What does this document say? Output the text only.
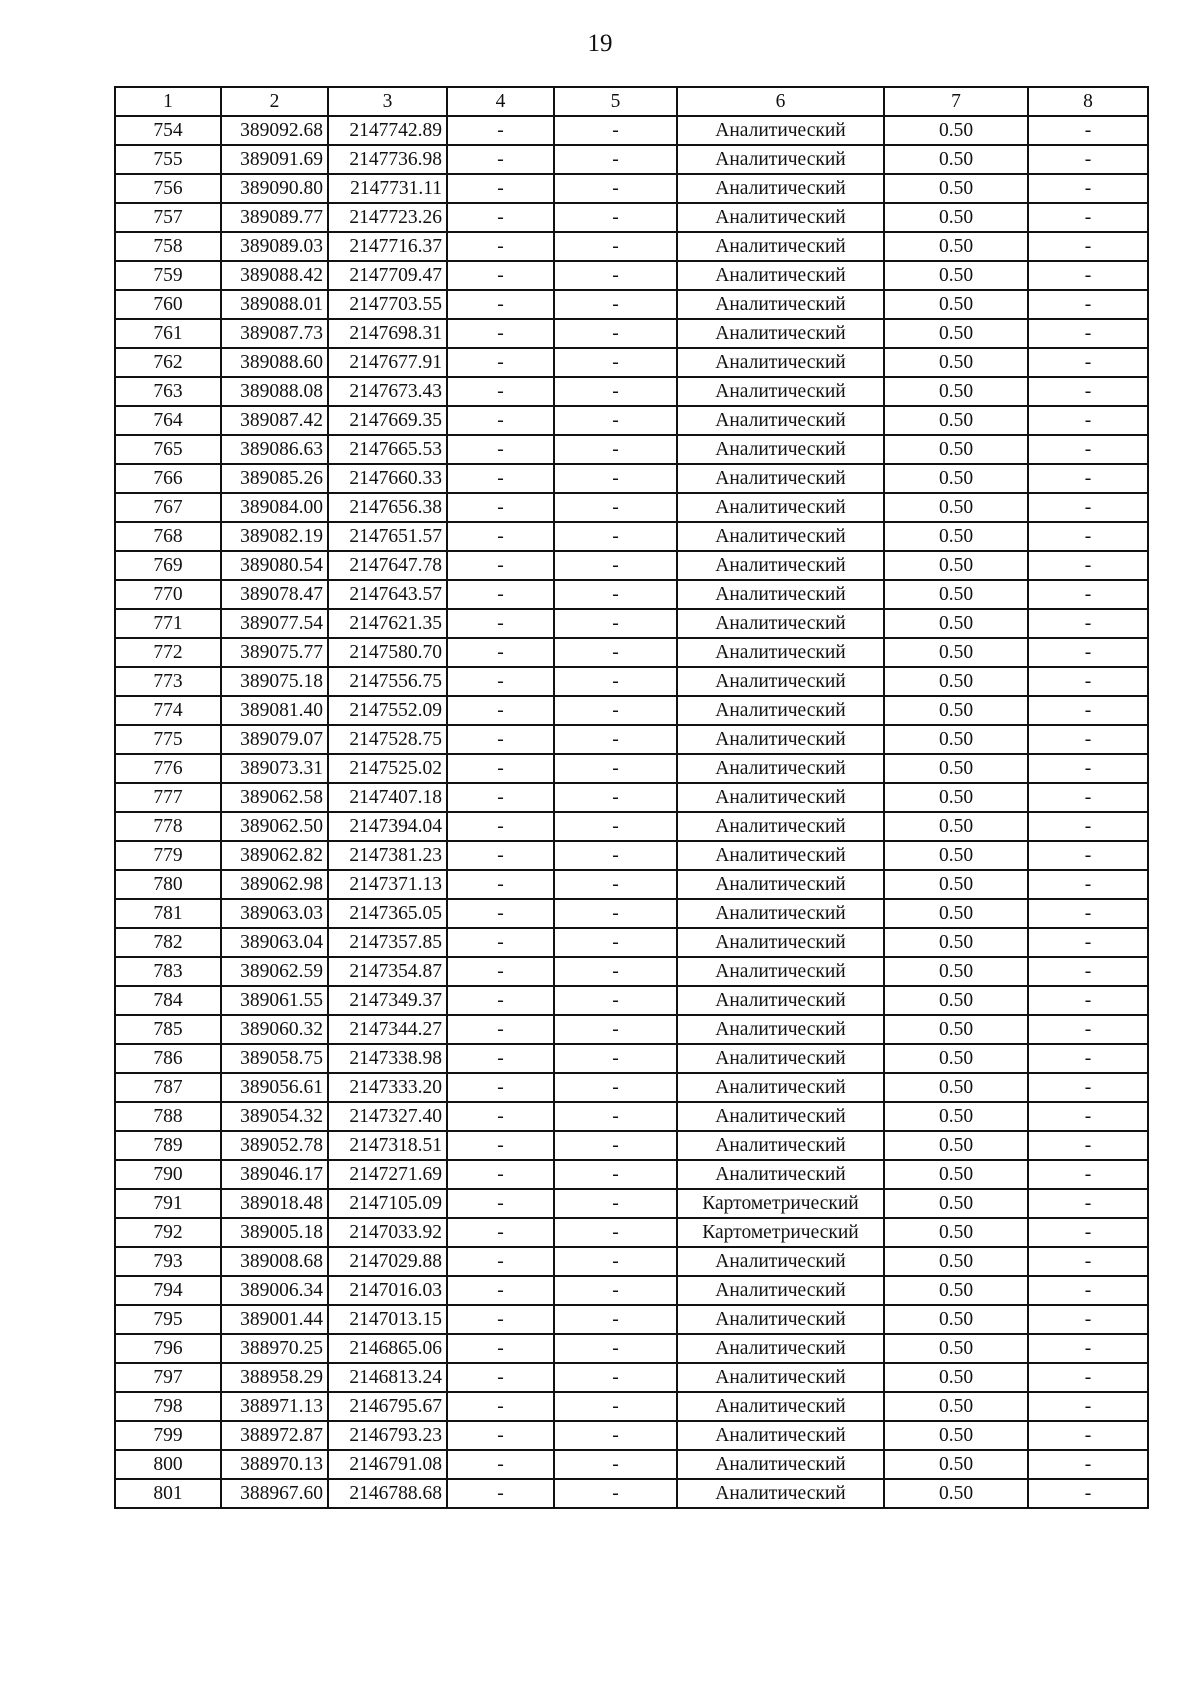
19
1	2	3	4	5	6	7	8
754	389092.68	2147742.89	-	-	Аналитический	0.50	-
755	389091.69	2147736.98	-	-	Аналитический	0.50	-
756	389090.80	2147731.11	-	-	Аналитический	0.50	-
757	389089.77	2147723.26	-	-	Аналитический	0.50	-
758	389089.03	2147716.37	-	-	Аналитический	0.50	-
759	389088.42	2147709.47	-	-	Аналитический	0.50	-
760	389088.01	2147703.55	-	-	Аналитический	0.50	-
761	389087.73	2147698.31	-	-	Аналитический	0.50	-
762	389088.60	2147677.91	-	-	Аналитический	0.50	-
763	389088.08	2147673.43	-	-	Аналитический	0.50	-
764	389087.42	2147669.35	-	-	Аналитический	0.50	-
765	389086.63	2147665.53	-	-	Аналитический	0.50	-
766	389085.26	2147660.33	-	-	Аналитический	0.50	-
767	389084.00	2147656.38	-	-	Аналитический	0.50	-
768	389082.19	2147651.57	-	-	Аналитический	0.50	-
769	389080.54	2147647.78	-	-	Аналитический	0.50	-
770	389078.47	2147643.57	-	-	Аналитический	0.50	-
771	389077.54	2147621.35	-	-	Аналитический	0.50	-
772	389075.77	2147580.70	-	-	Аналитический	0.50	-
773	389075.18	2147556.75	-	-	Аналитический	0.50	-
774	389081.40	2147552.09	-	-	Аналитический	0.50	-
775	389079.07	2147528.75	-	-	Аналитический	0.50	-
776	389073.31	2147525.02	-	-	Аналитический	0.50	-
777	389062.58	2147407.18	-	-	Аналитический	0.50	-
778	389062.50	2147394.04	-	-	Аналитический	0.50	-
779	389062.82	2147381.23	-	-	Аналитический	0.50	-
780	389062.98	2147371.13	-	-	Аналитический	0.50	-
781	389063.03	2147365.05	-	-	Аналитический	0.50	-
782	389063.04	2147357.85	-	-	Аналитический	0.50	-
783	389062.59	2147354.87	-	-	Аналитический	0.50	-
784	389061.55	2147349.37	-	-	Аналитический	0.50	-
785	389060.32	2147344.27	-	-	Аналитический	0.50	-
786	389058.75	2147338.98	-	-	Аналитический	0.50	-
787	389056.61	2147333.20	-	-	Аналитический	0.50	-
788	389054.32	2147327.40	-	-	Аналитический	0.50	-
789	389052.78	2147318.51	-	-	Аналитический	0.50	-
790	389046.17	2147271.69	-	-	Аналитический	0.50	-
791	389018.48	2147105.09	-	-	Картометрический	0.50	-
792	389005.18	2147033.92	-	-	Картометрический	0.50	-
793	389008.68	2147029.88	-	-	Аналитический	0.50	-
794	389006.34	2147016.03	-	-	Аналитический	0.50	-
795	389001.44	2147013.15	-	-	Аналитический	0.50	-
796	388970.25	2146865.06	-	-	Аналитический	0.50	-
797	388958.29	2146813.24	-	-	Аналитический	0.50	-
798	388971.13	2146795.67	-	-	Аналитический	0.50	-
799	388972.87	2146793.23	-	-	Аналитический	0.50	-
800	388970.13	2146791.08	-	-	Аналитический	0.50	-
801	388967.60	2146788.68	-	-	Аналитический	0.50	-
